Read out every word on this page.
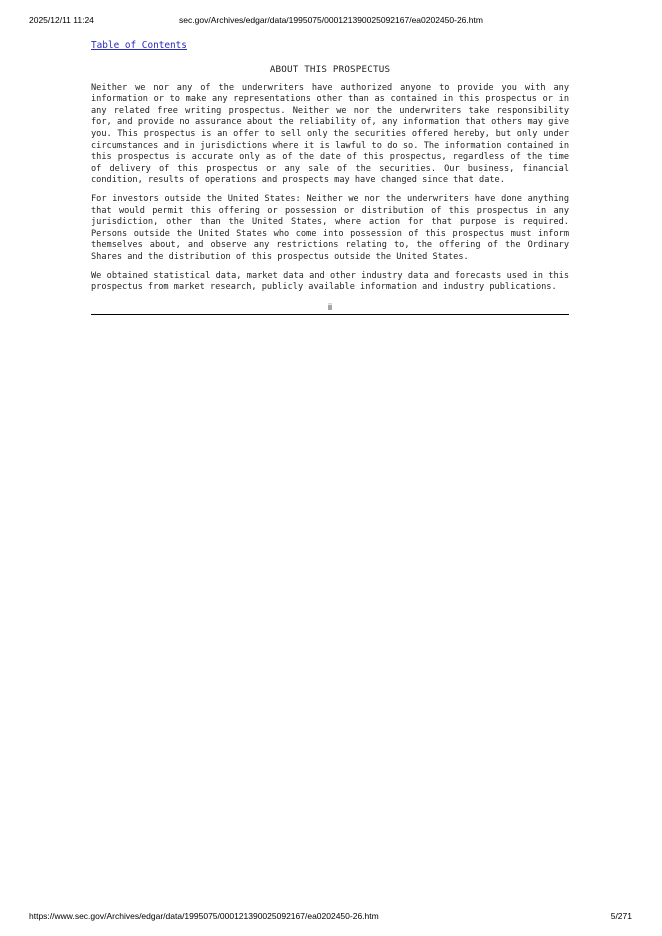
2025/12/11 11:24	sec.gov/Archives/edgar/data/1995075/000121390025092167/ea0202450-26.htm
Table of Contents
ABOUT THIS PROSPECTUS

Neither we nor any of the underwriters have authorized anyone to provide you with any information or to make any representations other than as contained in this prospectus or in any related free writing prospectus. Neither we nor the underwriters take responsibility for, and provide no assurance about the reliability of, any information that others may give you. This prospectus is an offer to sell only the securities offered hereby, but only under circumstances and in jurisdictions where it is lawful to do so. The information contained in this prospectus is accurate only as of the date of this prospectus, regardless of the time of delivery of this prospectus or any sale of the securities. Our business, financial condition, results of operations and prospects may have changed since that date.

For investors outside the United States: Neither we nor the underwriters have done anything that would permit this offering or possession or distribution of this prospectus in any jurisdiction, other than the United States, where action for that purpose is required. Persons outside the United States who come into possession of this prospectus must inform themselves about, and observe any restrictions relating to, the offering of the Ordinary Shares and the distribution of this prospectus outside the United States.

We obtained statistical data, market data and other industry data and forecasts used in this prospectus from market research, publicly available information and industry publications.

ii
https://www.sec.gov/Archives/edgar/data/1995075/000121390025092167/ea0202450-26.htm	5/271
